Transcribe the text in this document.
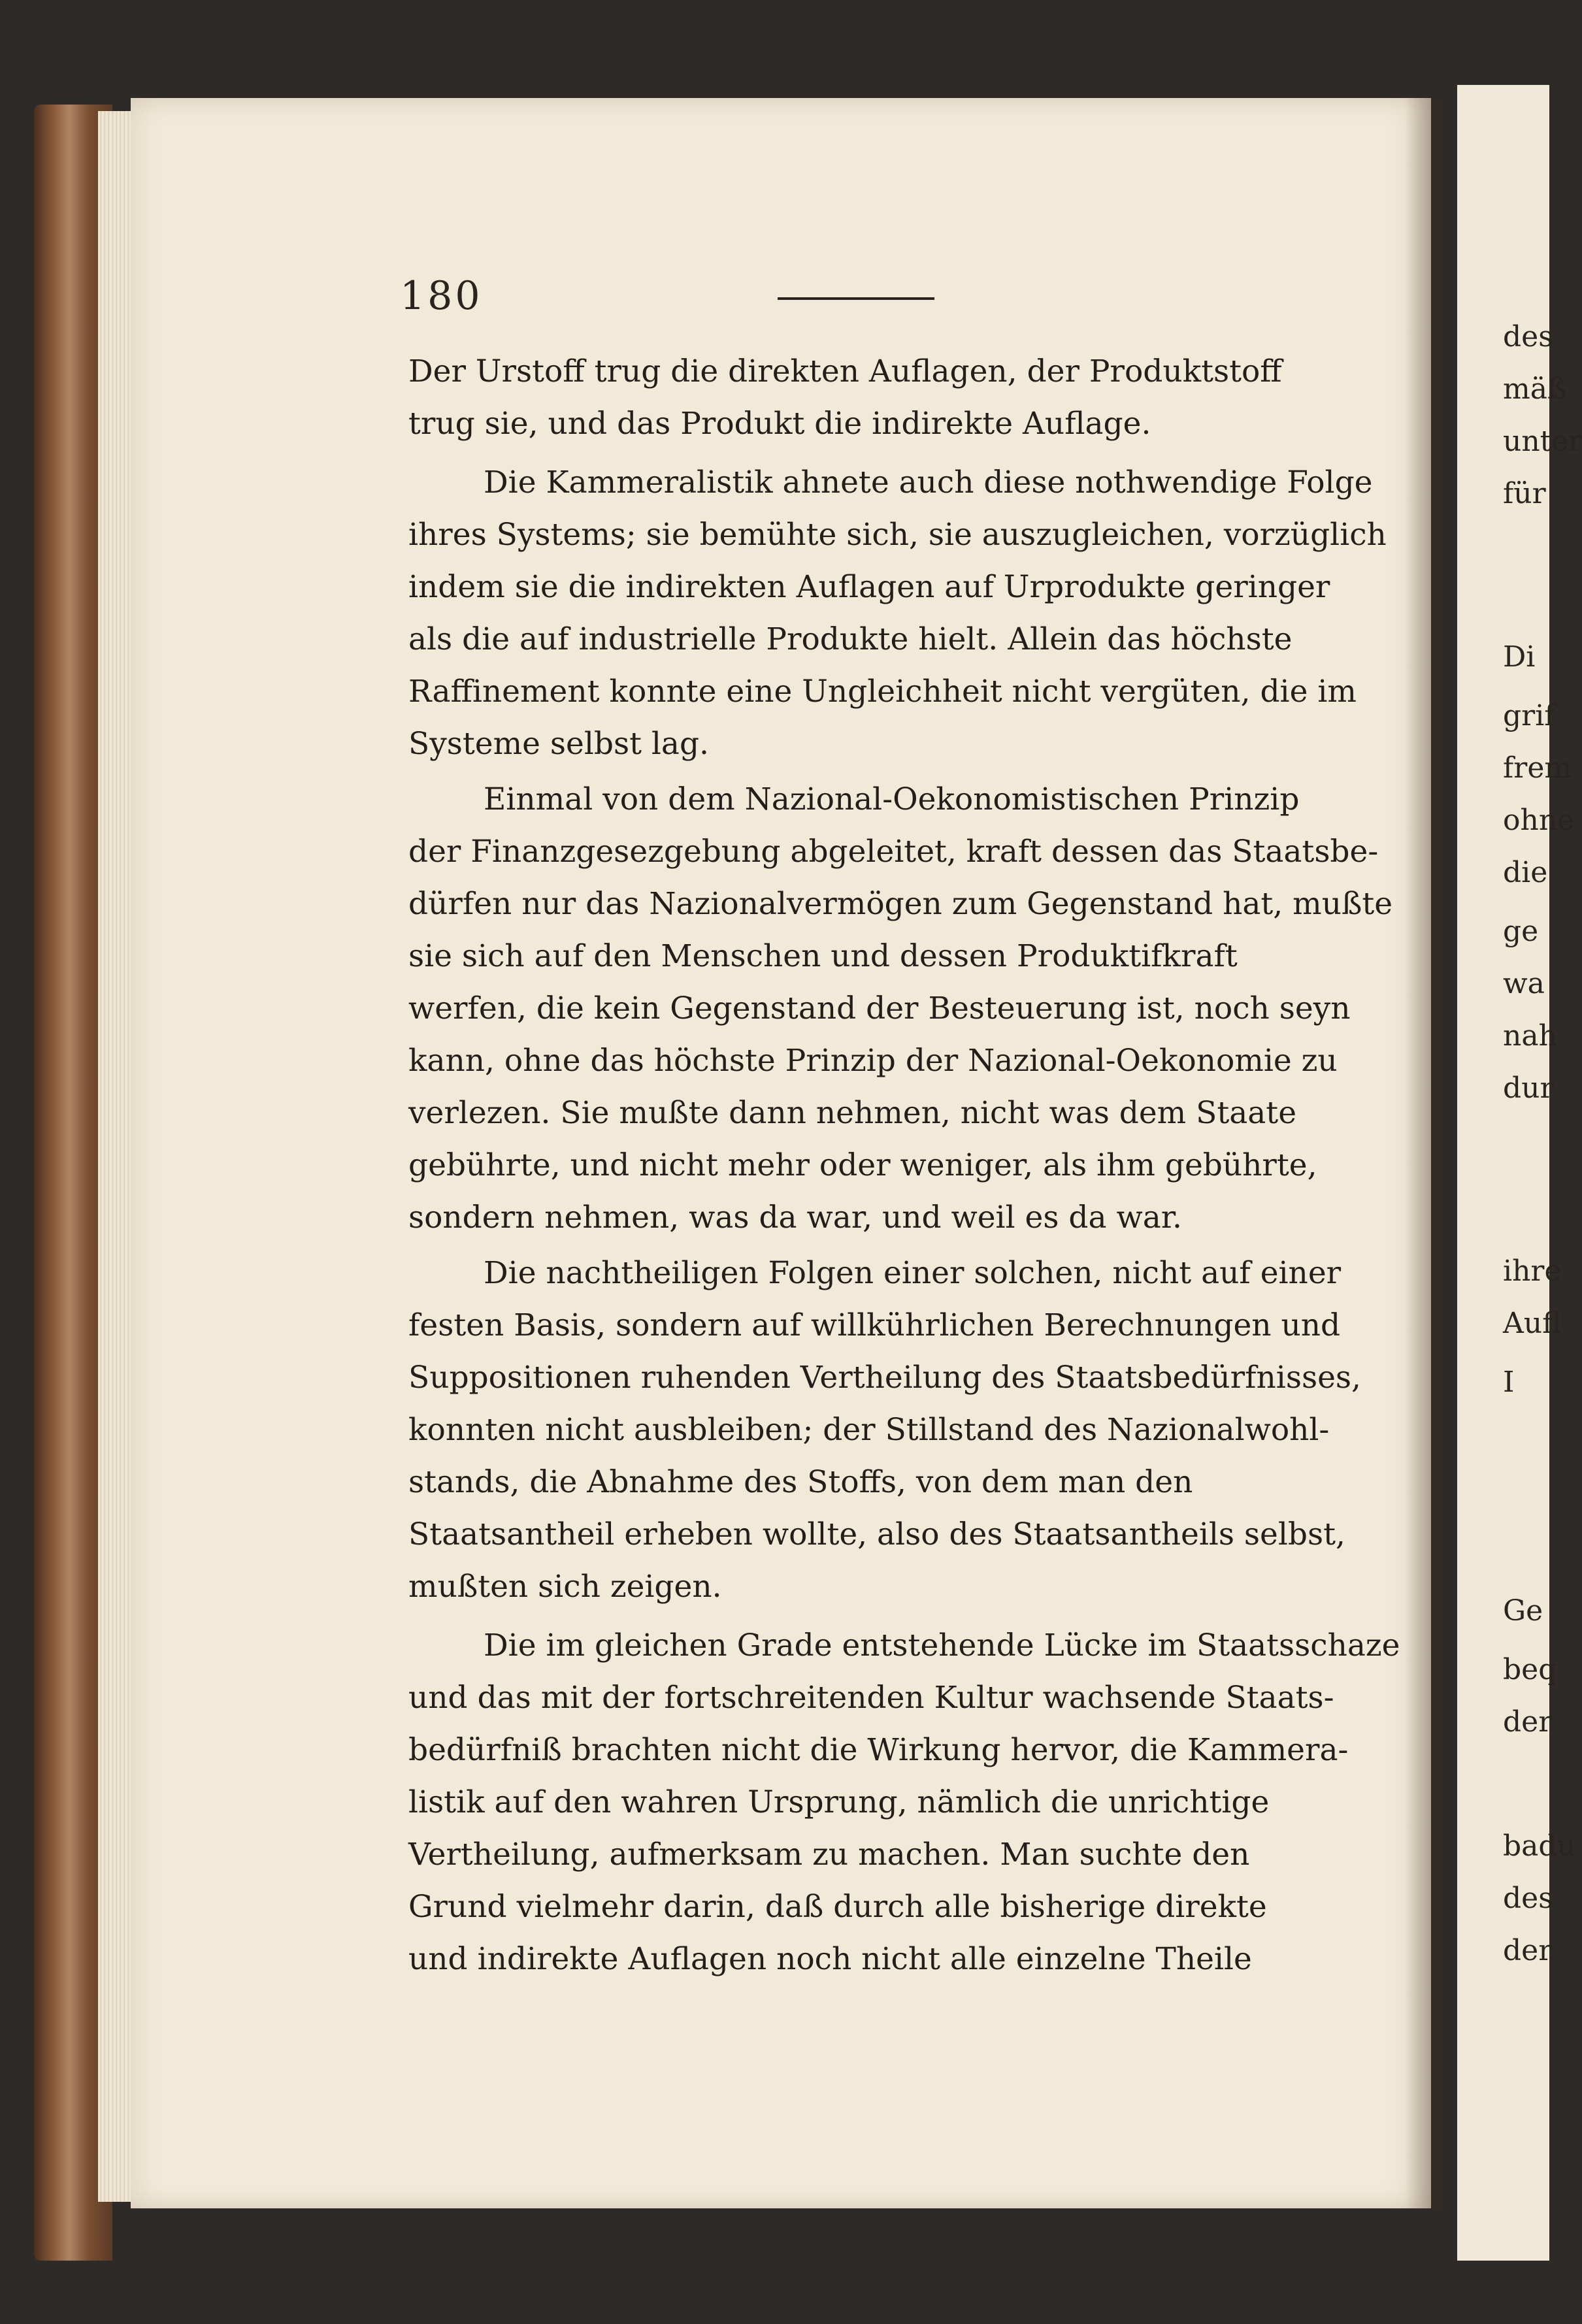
180

Der Urstoff trug die direkten Auflagen, der Produktstoff

trug sie, und das Produkt die indirekte Auflage.

Die Kammeralistik ahnete auch diese nothwendige Folge

ihres Systems; sie bemühte sich, sie auszugleichen, vorzüglich

indem sie die indirekten Auflagen auf Urprodukte geringer

als die auf industrielle Produkte hielt. Allein das höchste

Raffinement konnte eine Ungleichheit nicht vergüten, die im

Systeme selbst lag.

Einmal von dem Nazional-Oekonomistischen Prinzip

der Finanzgesezgebung abgeleitet, kraft dessen das Staatsbe-

dürfen nur das Nazionalvermögen zum Gegenstand hat, mußte

sie sich auf den Menschen und dessen Produktifkraft

werfen, die kein Gegenstand der Besteuerung ist, noch seyn

kann, ohne das höchste Prinzip der Nazional-Oekonomie zu

verlezen. Sie mußte dann nehmen, nicht was dem Staate

gebührte, und nicht mehr oder weniger, als ihm gebührte,

sondern nehmen, was da war, und weil es da war.

Die nachtheiligen Folgen einer solchen, nicht auf einer

festen Basis, sondern auf willkührlichen Berechnungen und

Suppositionen ruhenden Vertheilung des Staatsbedürfnisses,

konnten nicht ausbleiben; der Stillstand des Nazionalwohl-

stands, die Abnahme des Stoffs, von dem man den

Staatsantheil erheben wollte, also des Staatsantheils selbst,

mußten sich zeigen.

Die im gleichen Grade entstehende Lücke im Staatsschaze

und das mit der fortschreitenden Kultur wachsende Staats-

bedürfniß brachten nicht die Wirkung hervor, die Kammera-

listik auf den wahren Ursprung, nämlich die unrichtige

Vertheilung, aufmerksam zu machen. Man suchte den

Grund vielmehr darin, daß durch alle bisherige direkte

und indirekte Auflagen noch nicht alle einzelne Theile

des

mäß

unter

für

Di

grif

frem

ohne

die

ge

wa

nah

dur

ihre

Aufl

I

Ge

beq

der

badu

des

der
